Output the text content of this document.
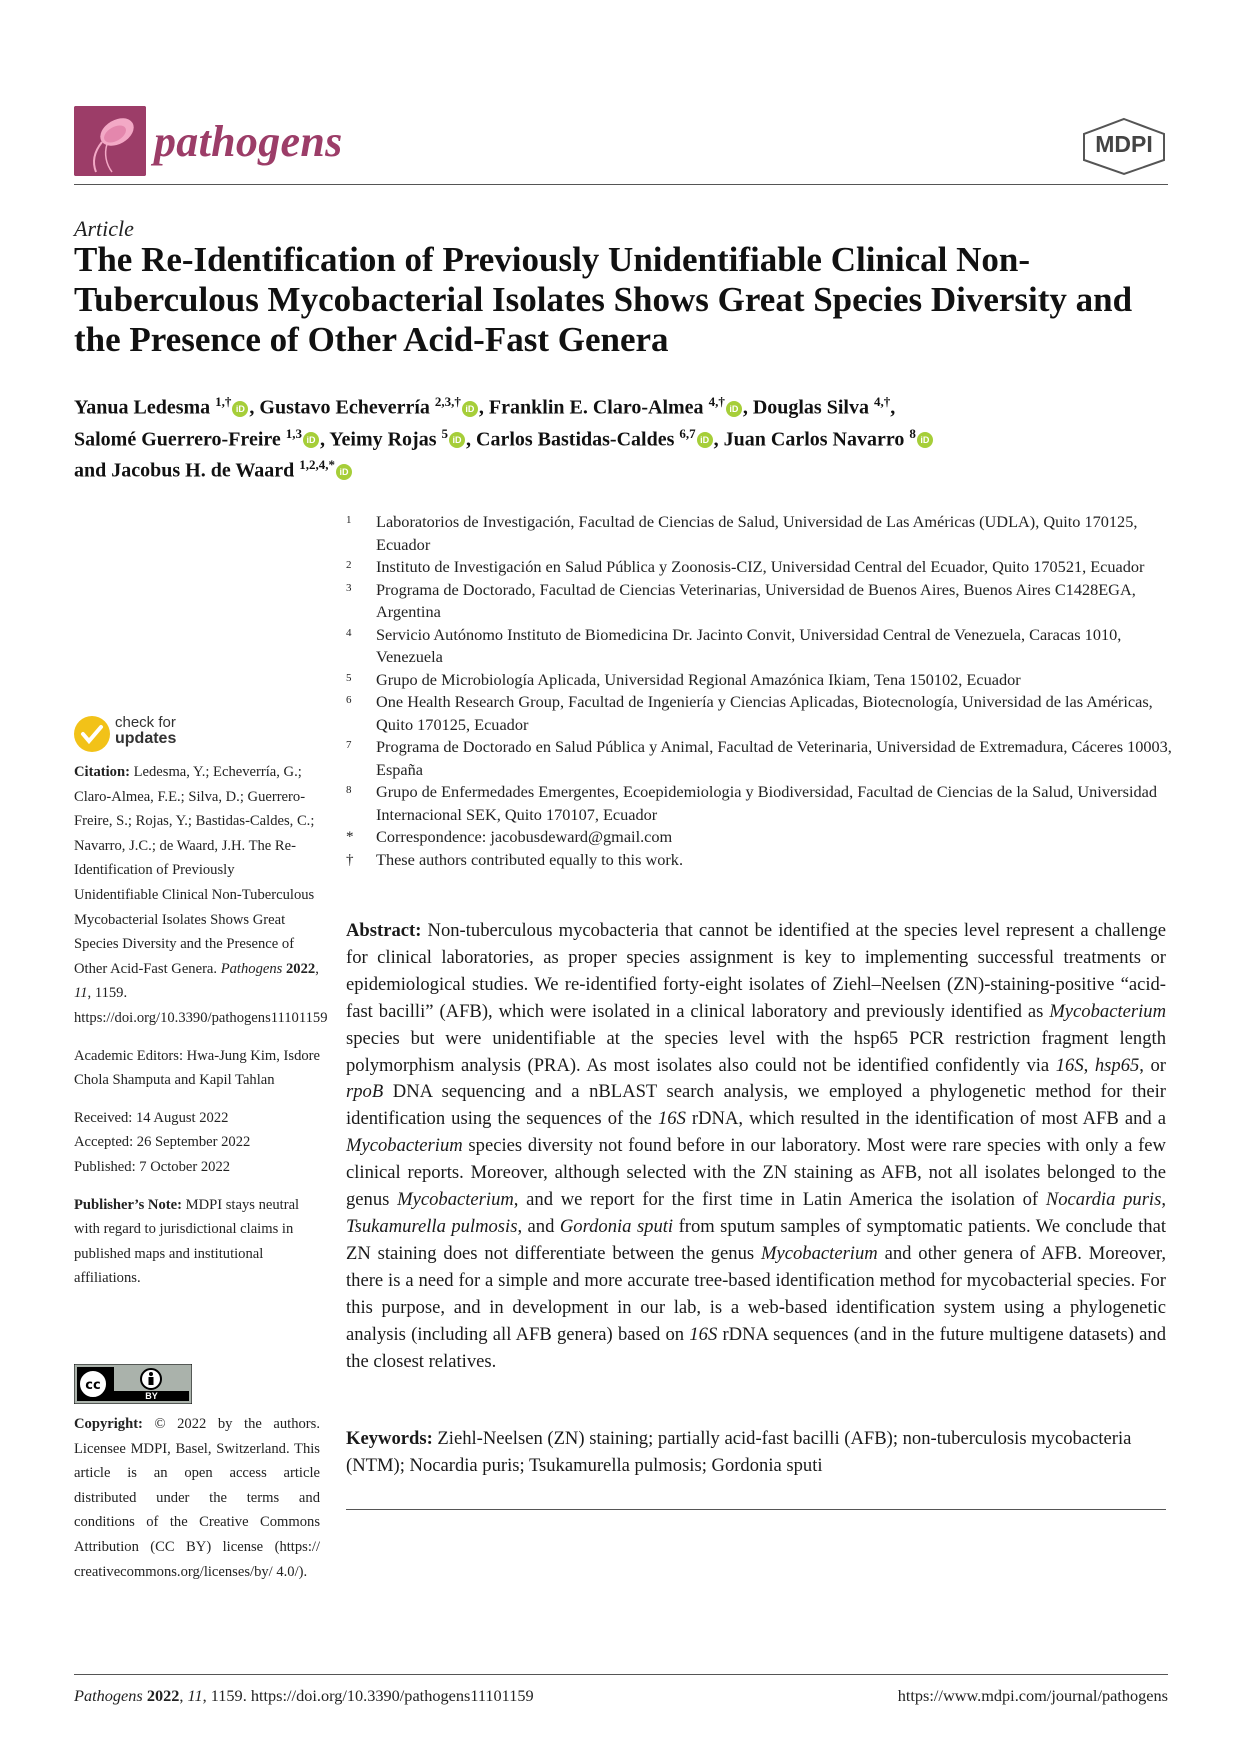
pathogens	MDPI
Article
The Re-Identification of Previously Unidentifiable Clinical Non-Tuberculous Mycobacterial Isolates Shows Great Species Diversity and the Presence of Other Acid-Fast Genera
Yanua Ledesma $^{1,\dagger}$ iD , Gustavo Echeverría $^{2,3,\dagger}$ iD , Franklin E. Claro-Almea $^{4,\dagger}$ iD , Douglas Silva $^{4,\dagger}$,
Salomé Guerrero-Freire $^{1,3}$ iD , Yeimy Rojas $^5$ iD , Carlos Bastidas-Caldes $^{6,7}$ iD , Juan Carlos Navarro $^8$ iD
and Jacobus H. de Waard $^{1,2,4,*}$ iD
1	Laboratorios de Investigación, Facultad de Ciencias de Salud, Universidad de Las Américas (UDLA), Quito 170125, Ecuador
2	Instituto de Investigación en Salud Pública y Zoonosis-CIZ, Universidad Central del Ecuador, Quito 170521, Ecuador
3	Programa de Doctorado, Facultad de Ciencias Veterinarias, Universidad de Buenos Aires, Buenos Aires C1428EGA, Argentina
4	Servicio Autónomo Instituto de Biomedicina Dr. Jacinto Convit, Universidad Central de Venezuela, Caracas 1010, Venezuela
5	Grupo de Microbiología Aplicada, Universidad Regional Amazónica Ikiam, Tena 150102, Ecuador
6	One Health Research Group, Facultad de Ingeniería y Ciencias Aplicadas, Biotecnología, Universidad de las Américas, Quito 170125, Ecuador
7	Programa de Doctorado en Salud Pública y Animal, Facultad de Veterinaria, Universidad de Extremadura, Cáceres 10003, España
8	Grupo de Enfermedades Emergentes, Ecoepidemiologia y Biodiversidad, Facultad de Ciencias de la Salud, Universidad Internacional SEK, Quito 170107, Ecuador
*	Correspondence: jacobusdeward@gmail.com
†	These authors contributed equally to this work.
check for
updates

Citation: Ledesma, Y.; Echeverría, G.; Claro-Almea, F.E.; Silva, D.; Guerrero-Freire, S.; Rojas, Y.; Bastidas-Caldes, C.; Navarro, J.C.; de Waard, J.H. The Re-Identification of Previously Unidentifiable Clinical Non-Tuberculous Mycobacterial Isolates Shows Great Species Diversity and the Presence of Other Acid-Fast Genera. Pathogens 2022, 11, 1159. https://doi.org/10.3390/pathogens11101159

Academic Editors: Hwa-Jung Kim, Isdore Chola Shamputa and Kapil Tahlan

Received: 14 August 2022
Accepted: 26 September 2022
Published: 7 October 2022

Publisher’s Note: MDPI stays neutral with regard to jurisdictional claims in published maps and institutional affiliations.

cc
BY
Copyright: © 2022 by the authors. Licensee MDPI, Basel, Switzerland. This article is an open access article distributed under the terms and conditions of the Creative Commons Attribution (CC BY) license (https:// creativecommons.org/licenses/by/ 4.0/).
Abstract: Non-tuberculous mycobacteria that cannot be identified at the species level represent a challenge for clinical laboratories, as proper species assignment is key to implementing successful treatments or epidemiological studies. We re-identified forty-eight isolates of Ziehl–Neelsen (ZN)-staining-positive “acid-fast bacilli” (AFB), which were isolated in a clinical laboratory and previously identified as Mycobacterium species but were unidentifiable at the species level with the hsp65 PCR restriction fragment length polymorphism analysis (PRA). As most isolates also could not be identified confidently via 16S, hsp65, or rpoB DNA sequencing and a nBLAST search analysis, we employed a phylogenetic method for their identification using the sequences of the 16S rDNA, which resulted in the identification of most AFB and a Mycobacterium species diversity not found before in our laboratory. Most were rare species with only a few clinical reports. Moreover, although selected with the ZN staining as AFB, not all isolates belonged to the genus Mycobacterium, and we report for the first time in Latin America the isolation of Nocardia puris, Tsukamurella pulmosis, and Gordonia sputi from sputum samples of symptomatic patients. We conclude that ZN staining does not differentiate between the genus Mycobacterium and other genera of AFB. Moreover, there is a need for a simple and more accurate tree-based identification method for mycobacterial species. For this purpose, and in development in our lab, is a web-based identification system using a phylogenetic analysis (including all AFB genera) based on 16S rDNA sequences (and in the future multigene datasets) and the closest relatives.
Keywords: Ziehl-Neelsen (ZN) staining; partially acid-fast bacilli (AFB); non-tuberculosis mycobacteria (NTM); Nocardia puris; Tsukamurella pulmosis; Gordonia sputi
Pathogens 2022, 11, 1159. https://doi.org/10.3390/pathogens11101159	https://www.mdpi.com/journal/pathogens
